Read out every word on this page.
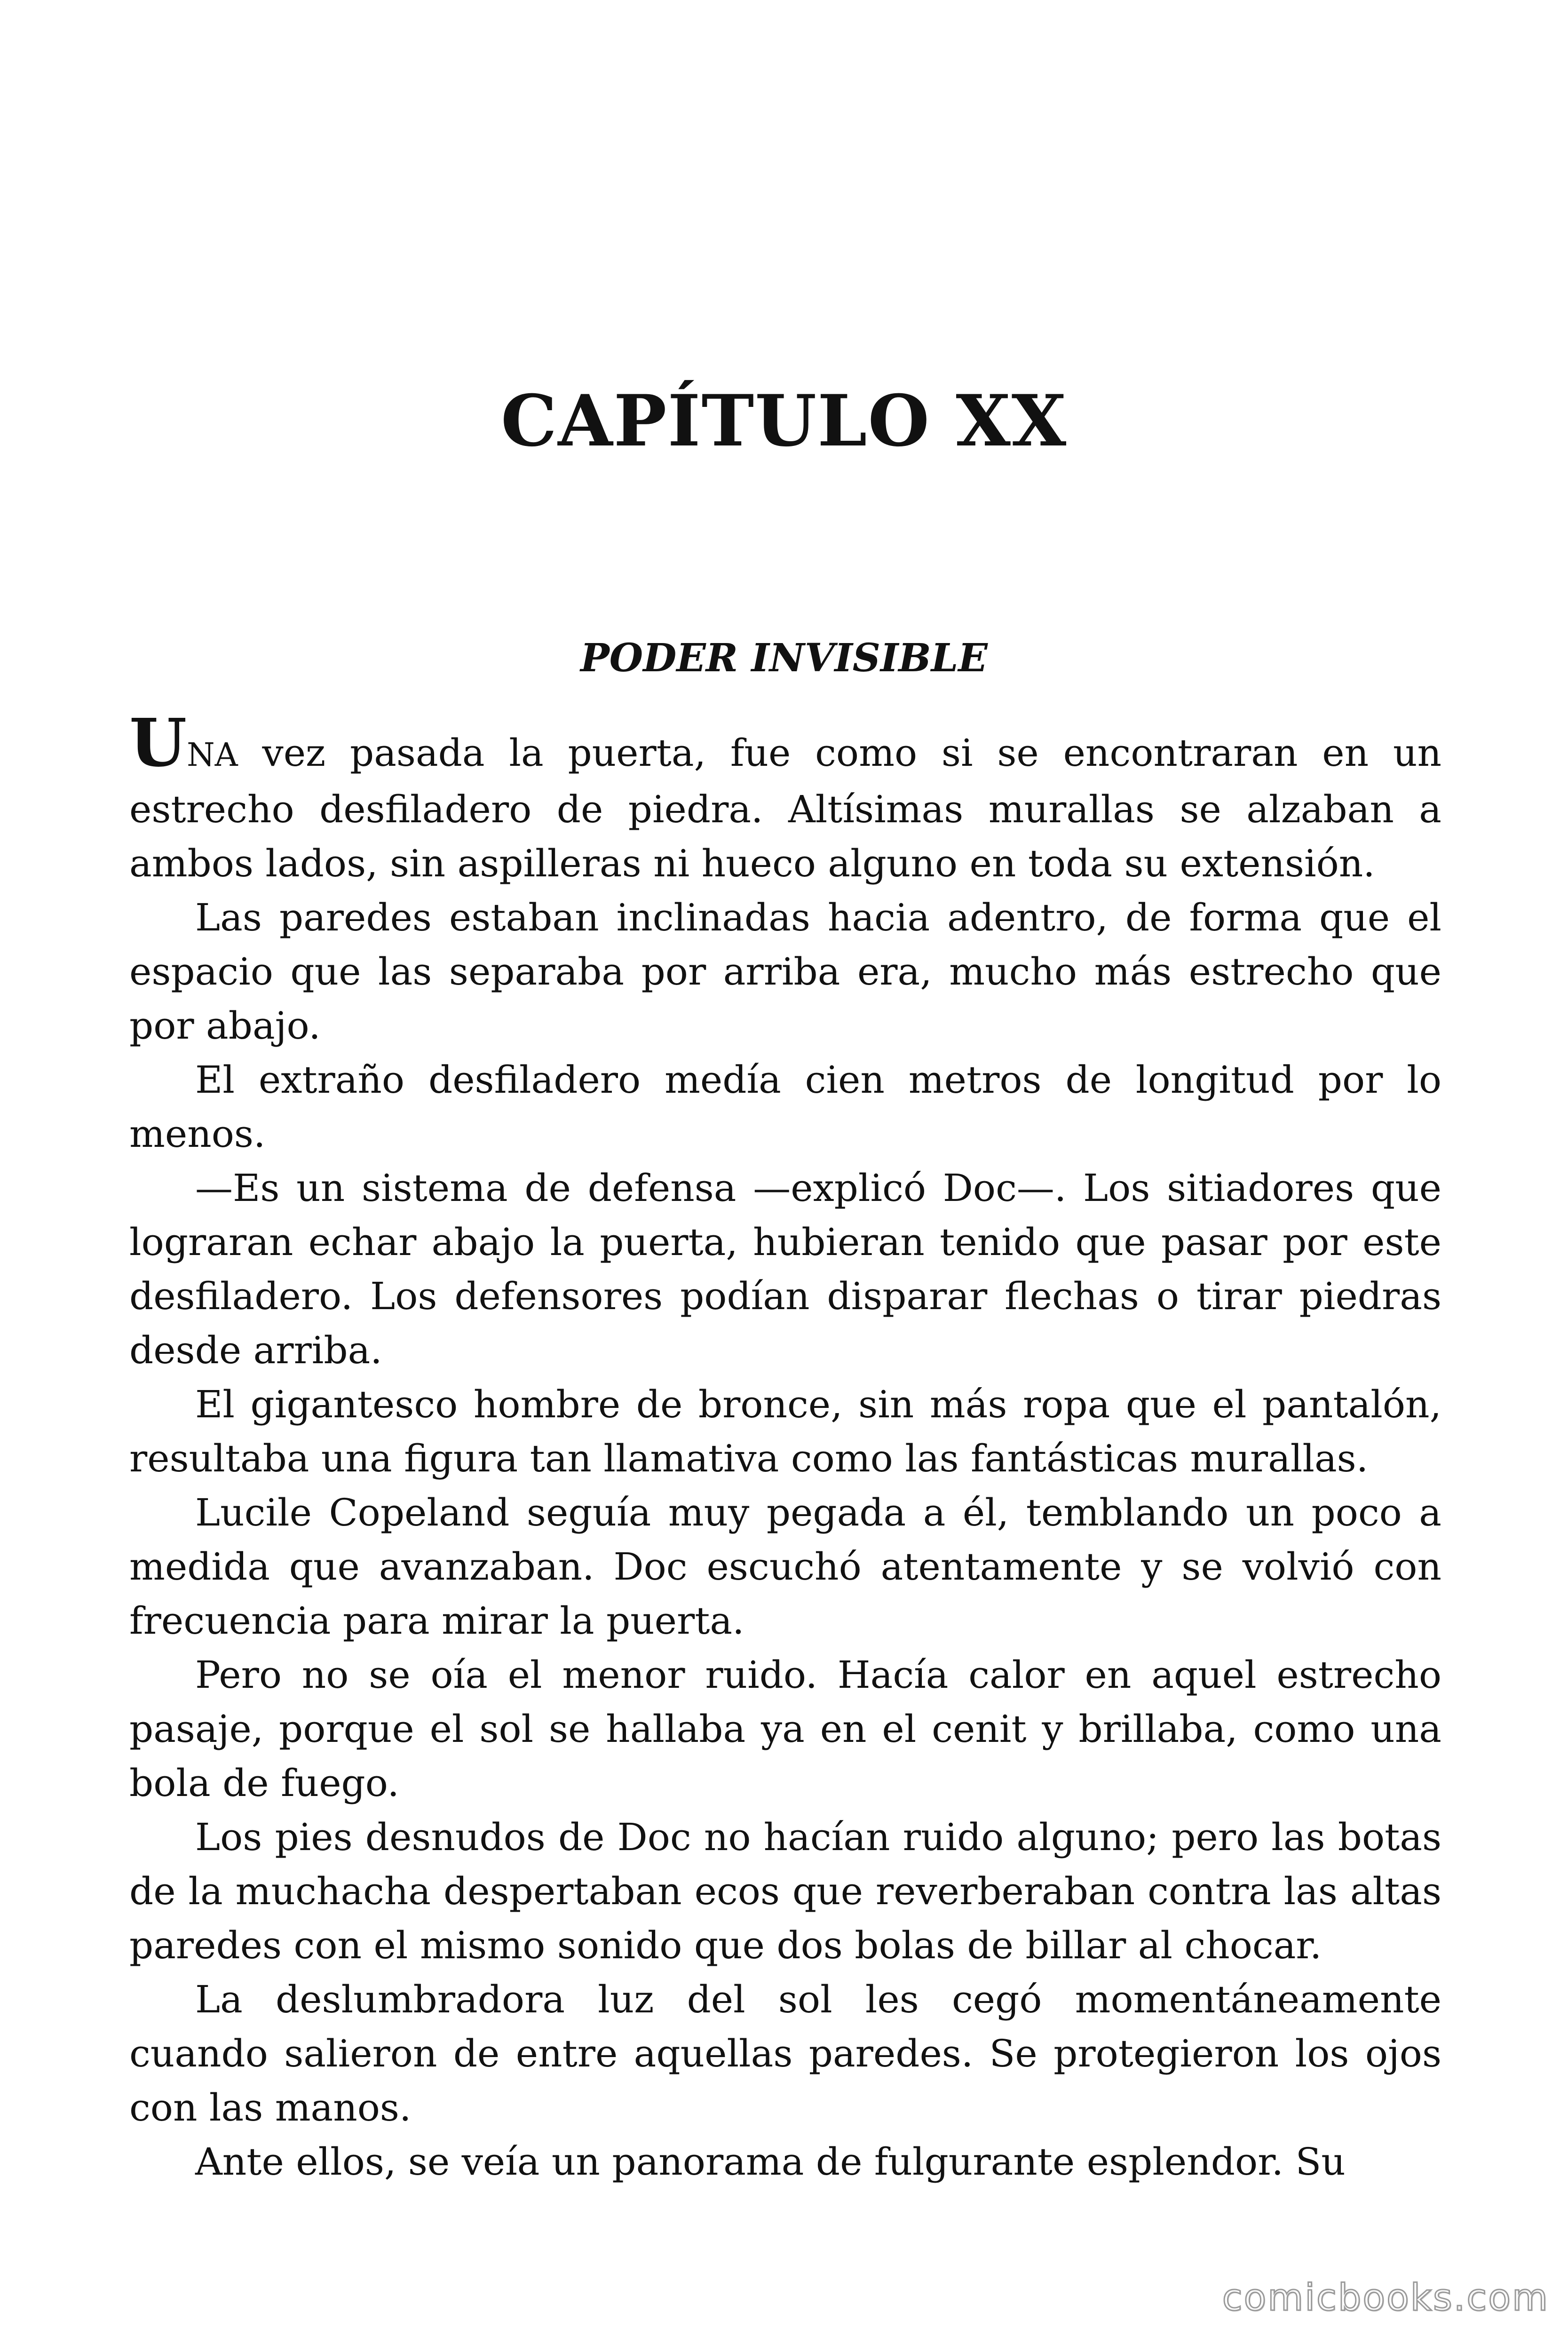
CAPÍTULO XX
PODER INVISIBLE

UNA vez pasada la puerta, fue como si se encontraran en un estrecho desfiladero de piedra. Altísimas murallas se alzaban a ambos lados, sin aspilleras ni hueco alguno en toda su extensión.

Las paredes estaban inclinadas hacia adentro, de forma que el espacio que las separaba por arriba era, mucho más estrecho que por abajo.

El extraño desfiladero medía cien metros de longitud por lo menos.

—Es un sistema de defensa —explicó Doc—. Los sitiadores que lograran echar abajo la puerta, hubieran tenido que pasar por este desfiladero. Los defensores podían disparar flechas o tirar piedras desde arriba.

El gigantesco hombre de bronce, sin más ropa que el pantalón, resultaba una figura tan llamativa como las fantásticas murallas.

Lucile Copeland seguía muy pegada a él, temblando un poco a medida que avanzaban. Doc escuchó atentamente y se volvió con frecuencia para mirar la puerta.

Pero no se oía el menor ruido. Hacía calor en aquel estrecho pasaje, porque el sol se hallaba ya en el cenit y brillaba, como una bola de fuego.

Los pies desnudos de Doc no hacían ruido alguno; pero las botas de la muchacha despertaban ecos que reverberaban contra las altas paredes con el mismo sonido que dos bolas de billar al chocar.

La deslumbradora luz del sol les cegó momentáneamente cuando salieron de entre aquellas paredes. Se protegieron los ojos con las manos.

Ante ellos, se veía un panorama de fulgurante esplendor. Su

comicbooks.com
